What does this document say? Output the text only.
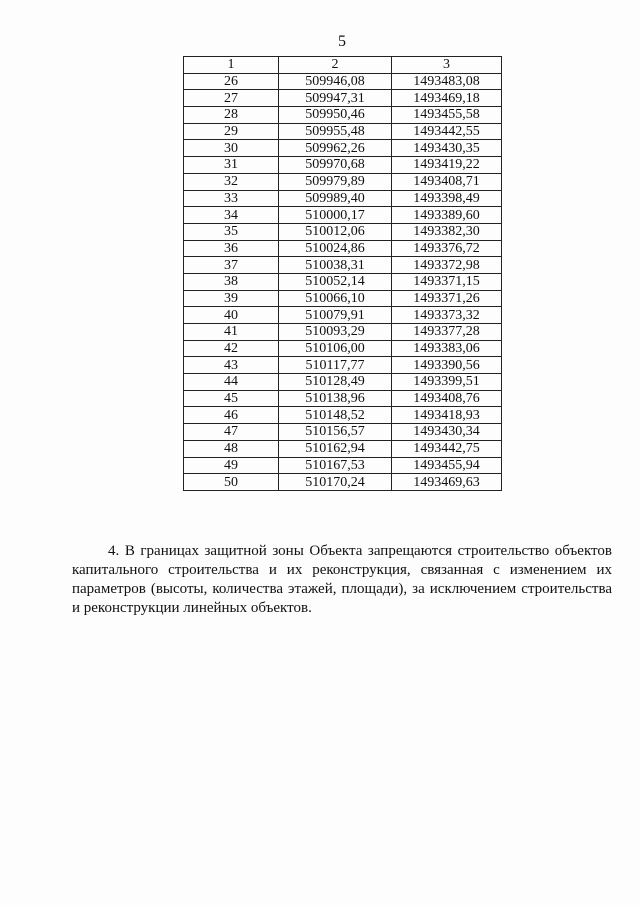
5
1	2	3
26	509946,08	1493483,08
27	509947,31	1493469,18
28	509950,46	1493455,58
29	509955,48	1493442,55
30	509962,26	1493430,35
31	509970,68	1493419,22
32	509979,89	1493408,71
33	509989,40	1493398,49
34	510000,17	1493389,60
35	510012,06	1493382,30
36	510024,86	1493376,72
37	510038,31	1493372,98
38	510052,14	1493371,15
39	510066,10	1493371,26
40	510079,91	1493373,32
41	510093,29	1493377,28
42	510106,00	1493383,06
43	510117,77	1493390,56
44	510128,49	1493399,51
45	510138,96	1493408,76
46	510148,52	1493418,93
47	510156,57	1493430,34
48	510162,94	1493442,75
49	510167,53	1493455,94
50	510170,24	1493469,63

4. В границах защитной зоны Объекта запрещаются строительство объектов капитального строительства и их реконструкция, связанная с изменением их параметров (высоты, количества этажей, площади), за исключением строительства и реконструкции линейных объектов.
